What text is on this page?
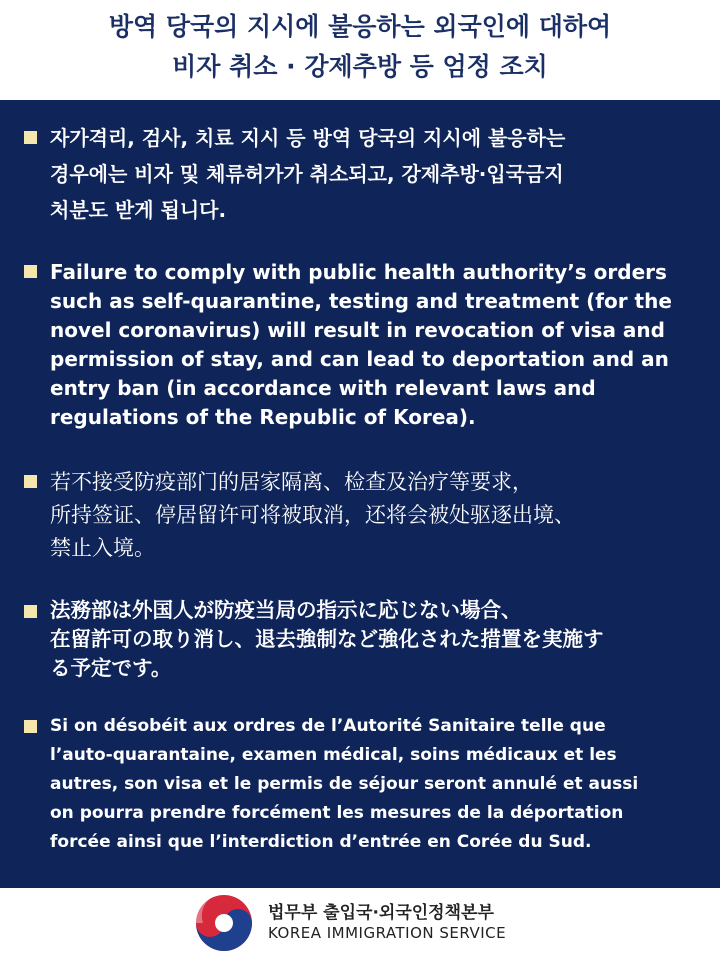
방역 당국의 지시에 불응하는 외국인에 대하여
비자 취소 · 강제추방 등 엄정 조치
자가격리, 검사, 치료 지시 등 방역 당국의 지시에 불응하는
경우에는 비자 및 체류허가가 취소되고, 강제추방·입국금지
처분도 받게 됩니다.
Failure to comply with public health authority’s orders
such as self-quarantine, testing and treatment (for the
novel coronavirus) will result in revocation of visa and
permission of stay, and can lead to deportation and an
entry ban (in accordance with relevant laws and
regulations of the Republic of Korea).
若不接受防疫部门的居家隔离、检查及治疗等要求，
所持签证、停居留许可将被取消，还将会被处驱逐出境、
禁止入境。
法務部は外国人が防疫当局の指示に応じない場合、
在留許可の取り消し、退去強制など強化された措置を実施す
る予定です。
Si on désobéit aux ordres de l’Autorité Sanitaire telle que
l’auto-quarantaine, examen médical, soins médicaux et les
autres, son visa et le permis de séjour seront annulé et aussi
on pourra prendre forcément les mesures de la déportation
forcée ainsi que l’interdiction d’entrée en Corée du Sud.
법무부 출입국·외국인정책본부
KOREA IMMIGRATION SERVICE
